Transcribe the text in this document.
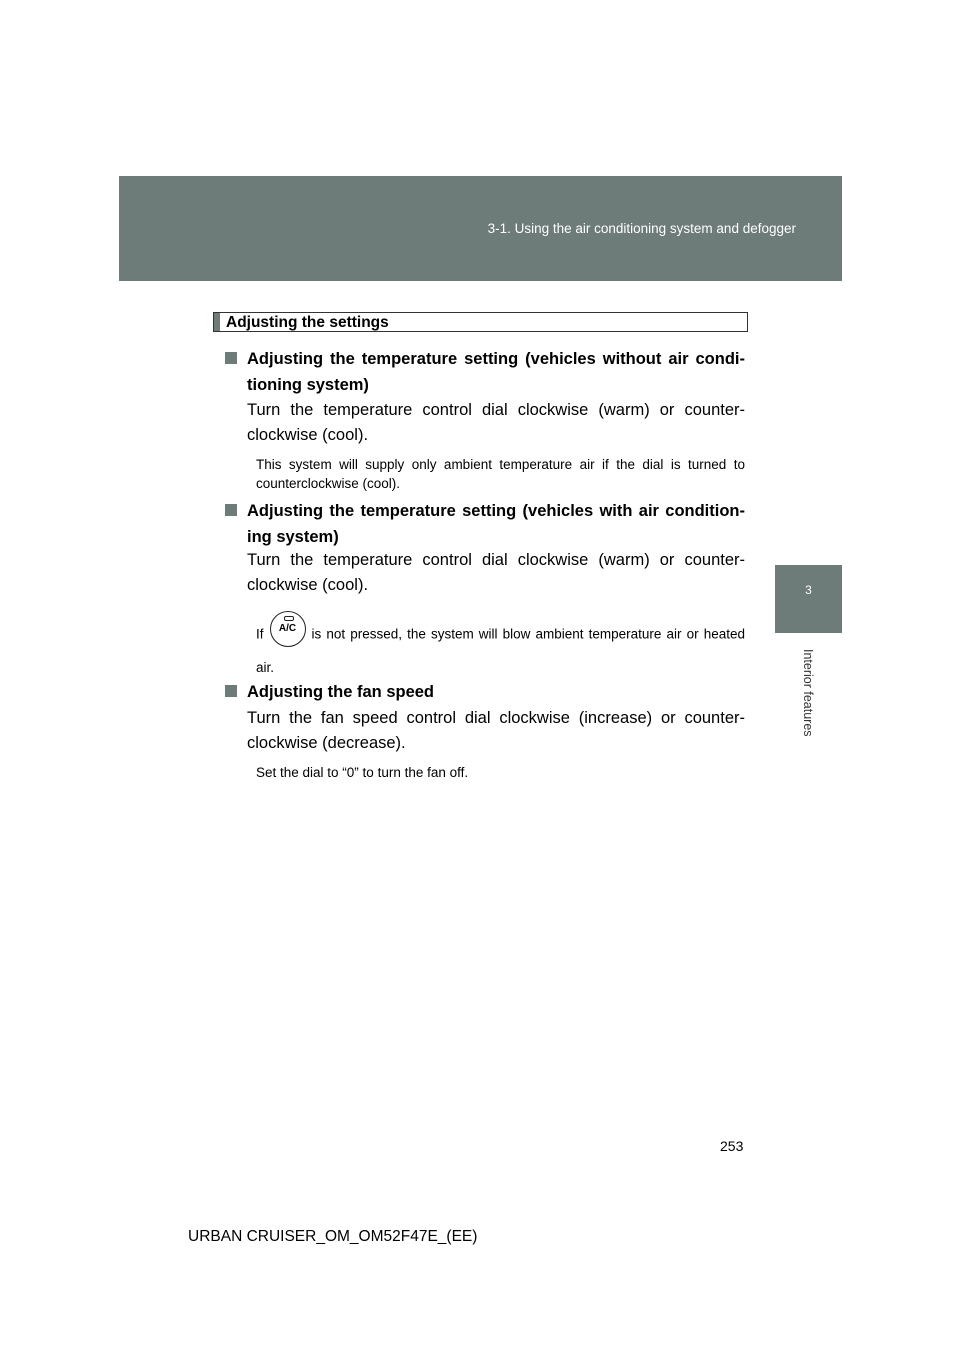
3-1. Using the air conditioning system and defogger
3
Interior features
Adjusting the settings
Adjusting the temperature setting (vehicles without air condi-tioning system)
Turn the temperature control dial clockwise (warm) or counter-clockwise (cool).
This system will supply only ambient temperature air if the dial is turned to counterclockwise (cool).
Adjusting the temperature setting (vehicles with air condition-ing system)
Turn the temperature control dial clockwise (warm) or counter-clockwise (cool).
If	A/C	is not pressed, the system will blow ambient temperature air or heated air.
Adjusting the fan speed
Turn the fan speed control dial clockwise (increase) or counter-clockwise (decrease).
Set the dial to “0” to turn the fan off.
253
URBAN CRUISER_OM_OM52F47E_(EE)
